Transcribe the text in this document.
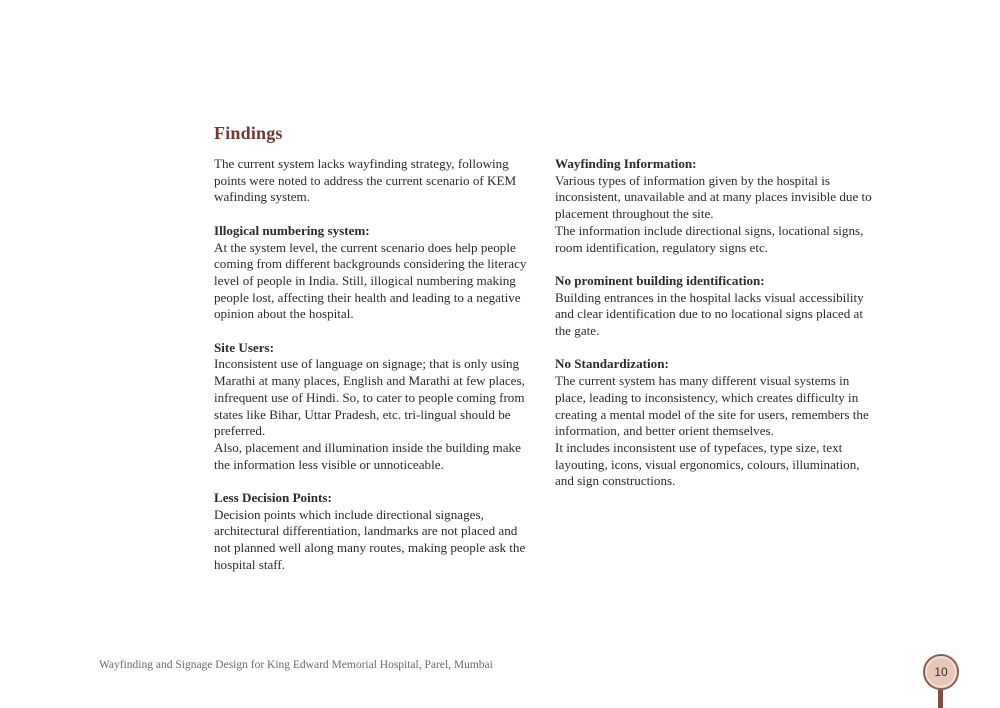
Findings

The current system lacks wayfinding strategy, following points were noted to address the current scenario of KEM wafinding system.

Illogical numbering system:

At the system level, the current scenario does help people coming from different backgrounds considering the literacy level of people in India. Still, illogical numbering making people lost, affecting their health and leading to a negative opinion about the hospital.

Site Users:

Inconsistent use of language on signage; that is only using Marathi at many places, English and Marathi at few places, infrequent use of Hindi. So, to cater to people coming from states like Bihar, Uttar Pradesh, etc. tri-lingual should be preferred.

Also, placement and illumination inside the building make the information less visible or unnoticeable.

Less Decision Points:

Decision points which include directional signages, architectural differentiation, landmarks are not placed and not planned well along many routes, making people ask the hospital staff.

Wayfinding Information:

Various types of information given by the hospital is inconsistent, unavailable and at many places invisible due to placement throughout the site.

The information include directional signs, locational signs, room identification, regulatory signs etc.

No prominent building identification:

Building entrances in the hospital lacks visual accessibility and clear identification due to no locational signs placed at the gate.

No Standardization:

The current system has many different visual systems in place, leading to inconsistency, which creates difficulty in creating a mental model of the site for users, remembers the information, and better orient themselves.

It includes inconsistent use of typefaces, type size, text layouting, icons, visual ergonomics, colours, illumination, and sign constructions.

Wayfinding and Signage Design for King Edward Memorial Hospital, Parel, Mumbai	10
